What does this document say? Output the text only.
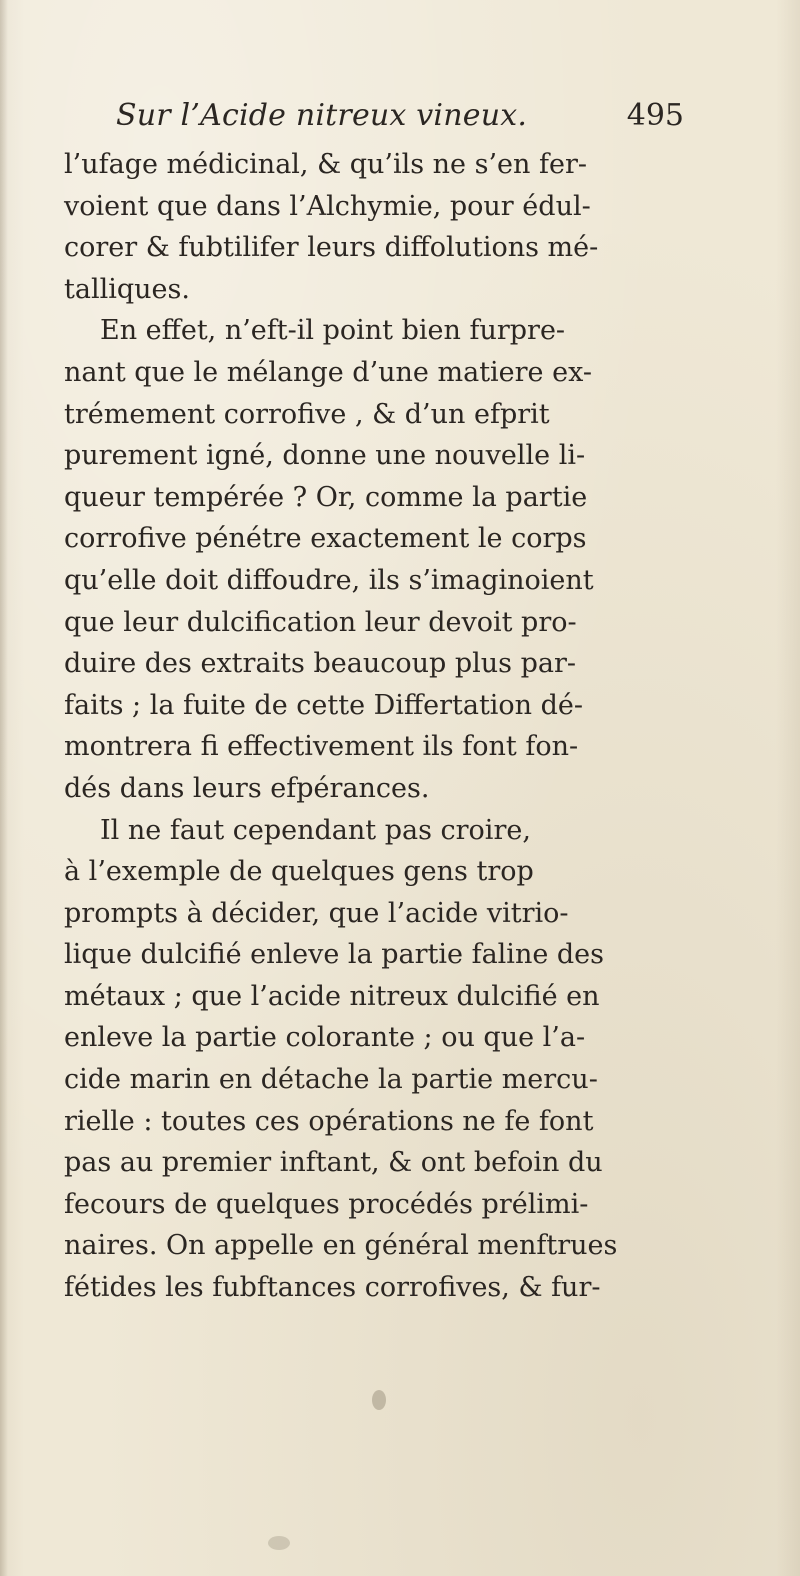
Sur l’Acide nitreux vineux.	495
l’ufage médicinal, & qu’ils ne s’en fer-
voient que dans l’Alchymie, pour édul-
corer & fubtilifer leurs diffolutions mé-
talliques.
En effet, n’eft-il point bien furpre-
nant que le mélange d’une matiere ex-
trémement corrofive , & d’un efprit
purement igné, donne une nouvelle li-
queur tempérée ? Or, comme la partie
corrofive pénétre exactement le corps
qu’elle doit diffoudre, ils s’imaginoient
que leur dulcification leur devoit pro-
duire des extraits beaucoup plus par-
faits ; la fuite de cette Differtation dé-
montrera fi effectivement ils font fon-
dés dans leurs efpérances.
Il ne faut cependant pas croire,
à l’exemple de quelques gens trop
prompts à décider, que l’acide vitrio-
lique dulcifié enleve la partie faline des
métaux ; que l’acide nitreux dulcifié en
enleve la partie colorante ; ou que l’a-
cide marin en détache la partie mercu-
rielle : toutes ces opérations ne fe font
pas au premier inftant, & ont befoin du
fecours de quelques procédés prélimi-
naires. On appelle en général menftrues
fétides les fubftances corrofives, & fur-
